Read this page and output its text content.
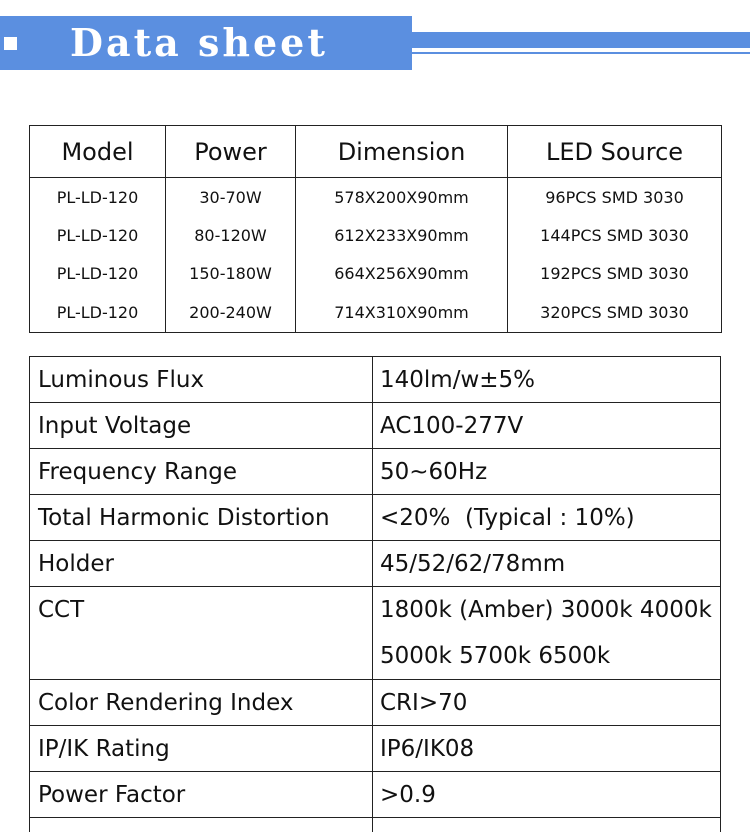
Data sheet
Model	Power	Dimension	LED Source
PL-LD-120	30-70W	578X200X90mm	96PCS SMD 3030
PL-LD-120	80-120W	612X233X90mm	144PCS SMD 3030
PL-LD-120	150-180W	664X256X90mm	192PCS SMD 3030
PL-LD-120	200-240W	714X310X90mm	320PCS SMD 3030
Luminous Flux	140lm/w±5%
Input Voltage	AC100-277V
Frequency Range	50~60Hz
Total Harmonic Distortion	<20%  (Typical : 10%)
Holder	45/52/62/78mm

CCT	1800k (Amber) 3000k 4000k
5000k 5700k 6500k

Color Rendering Index	CRI>70
IP/IK Rating	IP6/IK08
Power Factor	>0.9
